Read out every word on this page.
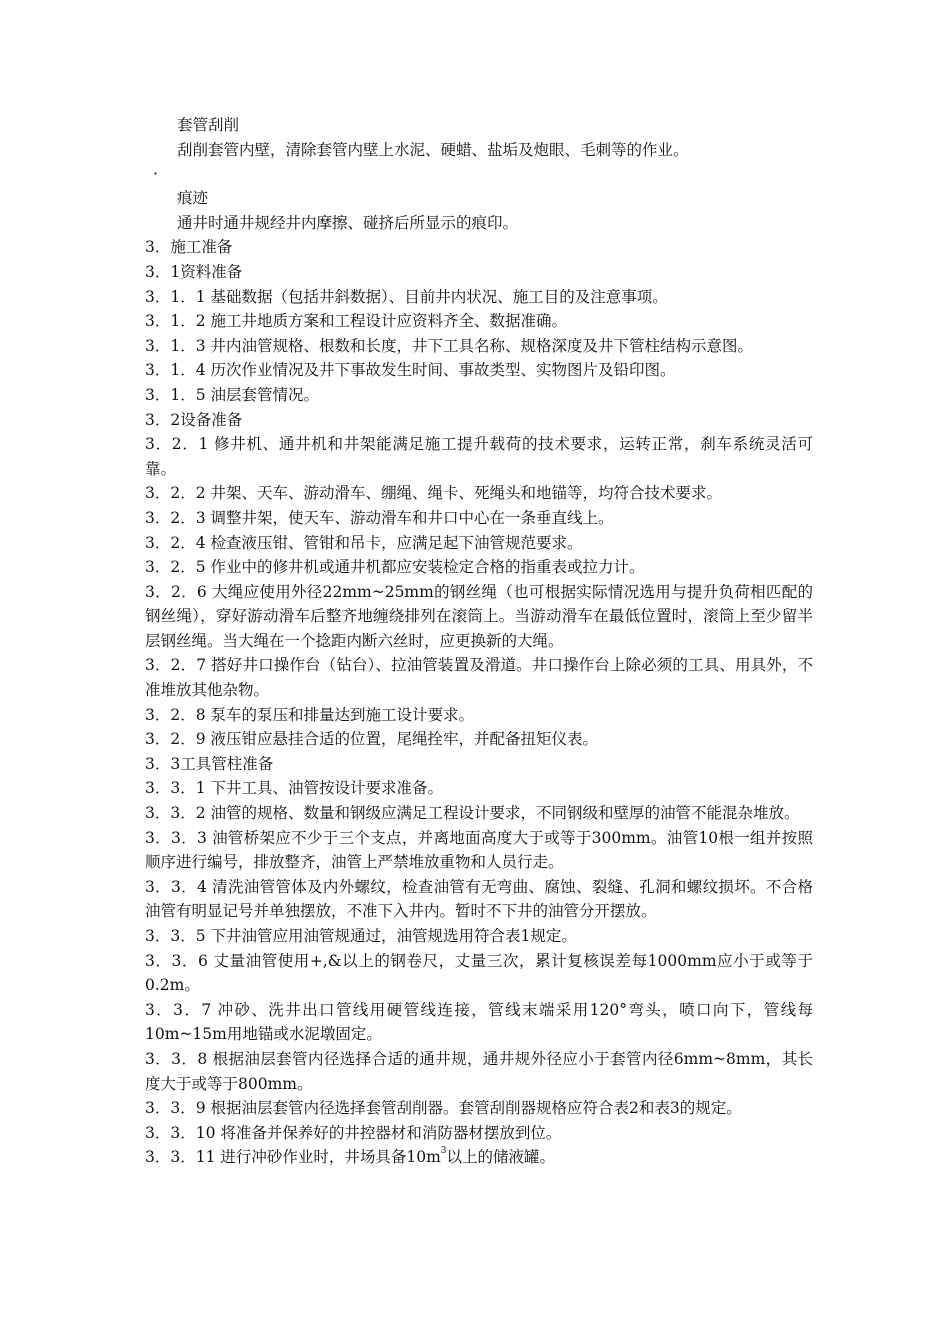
套管刮削

刮削套管内壁，清除套管内壁上水泥、硬蜡、盐垢及炮眼、毛刺等的作业。

·

痕迹

通井时通井规经井内摩擦、碰挤后所显示的痕印。

3．施工准备

3．1资料准备

3．1．1 基础数据（包括井斜数据）、目前井内状况、施工目的及注意事项。

3．1．2 施工井地质方案和工程设计应资料齐全、数据准确。

3．1．3 井内油管规格、根数和长度，井下工具名称、规格深度及井下管柱结构示意图。

3．1．4 历次作业情况及井下事故发生时间、事故类型、实物图片及铅印图。

3．1．5 油层套管情况。

3．2设备准备

3．2．1 修井机、通井机和井架能满足施工提升载荷的技术要求，运转正常，刹车系统灵活可靠。

3．2．2 井架、天车、游动滑车、绷绳、绳卡、死绳头和地锚等，均符合技术要求。

3．2．3 调整井架，使天车、游动滑车和井口中心在一条垂直线上。

3．2．4 检查液压钳、管钳和吊卡，应满足起下油管规范要求。

3．2．5 作业中的修井机或通井机都应安装检定合格的指重表或拉力计。

3．2．6 大绳应使用外径22mm~25mm的钢丝绳（也可根据实际情况选用与提升负荷相匹配的钢丝绳），穿好游动滑车后整齐地缠绕排列在滚筒上。当游动滑车在最低位置时，滚筒上至少留半层钢丝绳。当大绳在一个捻距内断六丝时，应更换新的大绳。

3．2．7 搭好井口操作台（钻台）、拉油管装置及滑道。井口操作台上除必须的工具、用具外，不准堆放其他杂物。

3．2．8 泵车的泵压和排量达到施工设计要求。

3．2．9 液压钳应悬挂合适的位置，尾绳拴牢，并配备扭矩仪表。

3．3工具管柱准备

3．3．1 下井工具、油管按设计要求准备。

3．3．2 油管的规格、数量和钢级应满足工程设计要求，不同钢级和壁厚的油管不能混杂堆放。

3．3．3 油管桥架应不少于三个支点，并离地面高度大于或等于300mm。油管10根一组并按照顺序进行编号，排放整齐，油管上严禁堆放重物和人员行走。

3．3．4 清洗油管管体及内外螺纹，检查油管有无弯曲、腐蚀、裂缝、孔洞和螺纹损坏。不合格油管有明显记号并单独摆放，不准下入井内。暂时不下井的油管分开摆放。

3．3．5 下井油管应用油管规通过，油管规选用符合表1规定。

3．3．6 丈量油管使用+,&以上的钢卷尺，丈量三次，累计复核误差每1000mm应小于或等于0.2m。

3．3．7 冲砂、洗井出口管线用硬管线连接，管线末端采用120°弯头，喷口向下，管线每10m~15m用地锚或水泥墩固定。

3．3．8 根据油层套管内径选择合适的通井规，通井规外径应小于套管内径6mm~8mm，其长度大于或等于800mm。

3．3．9 根据油层套管内径选择套管刮削器。套管刮削器规格应符合表2和表3的规定。

3．3．10 将准备并保养好的井控器材和消防器材摆放到位。

3．3．11 进行冲砂作业时，井场具备$10m^3$以上的储液罐。
